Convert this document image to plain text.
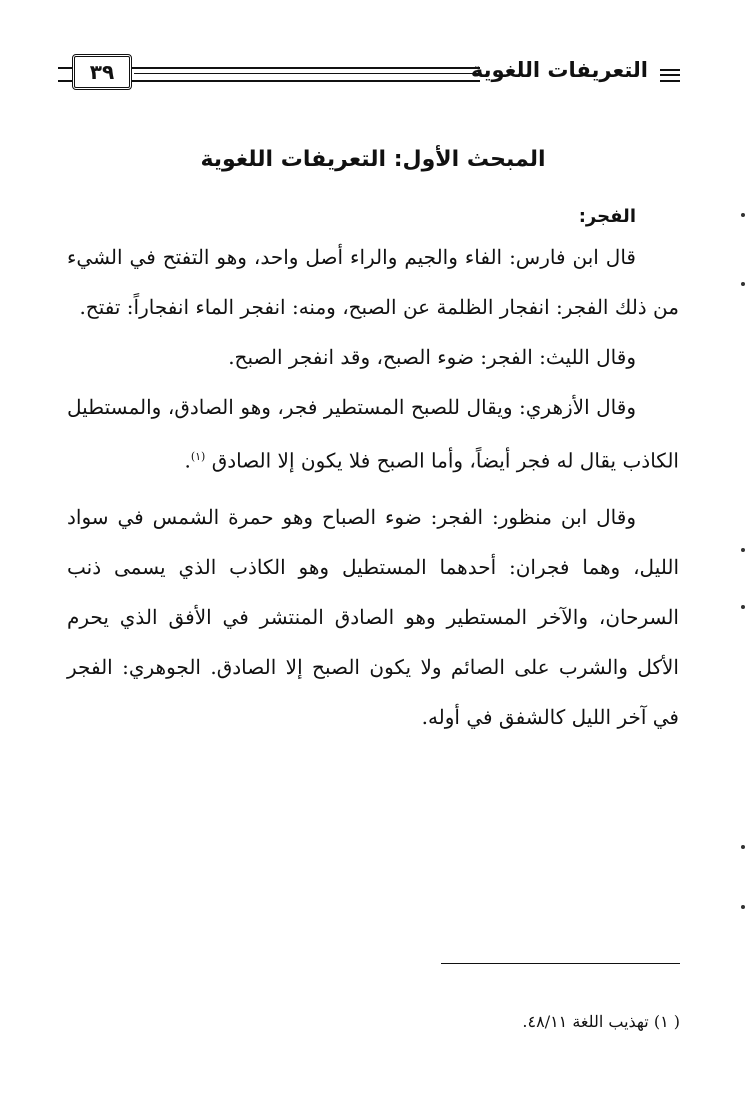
التعريفات اللغوية
٣٩
المبحث الأول: التعريفات اللغوية
الفجر:

قال ابن فارس: الفاء والجيم والراء أصل واحد، وهو التفتح في الشيء من ذلك الفجر: انفجار الظلمة عن الصبح، ومنه: انفجر الماء انفجاراً: تفتح.

وقال الليث: الفجر: ضوء الصبح، وقد انفجر الصبح.

وقال الأزهري: ويقال للصبح المستطير فجر، وهو الصادق، والمستطيل الكاذب يقال له فجر أيضاً، وأما الصبح فلا يكون إلا الصادق $^{(١)}$.

وقال ابن منظور: الفجر: ضوء الصباح وهو حمرة الشمس في سواد الليل، وهما فجران: أحدهما المستطيل وهو الكاذب الذي يسمى ذنب السرحان، والآخر المستطير وهو الصادق المنتشر في الأفق الذي يحرم الأكل والشرب على الصائم ولا يكون الصبح إلا الصادق. الجوهري: الفجر في آخر الليل كالشفق في أوله.

( ١) تهذيب اللغة ٤٨/١١.
